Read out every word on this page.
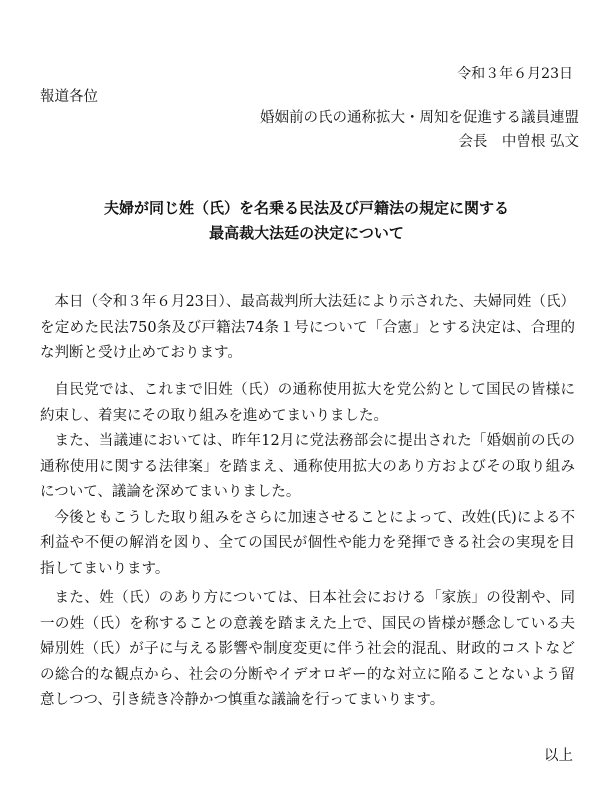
令和３年６月23日
報道各位
婚姻前の氏の通称拡大・周知を促進する議員連盟
会長　中曽根 弘文
夫婦が同じ姓（氏）を名乗る民法及び戸籍法の規定に関する
最高裁大法廷の決定について

本日（令和３年６月23日）、最高裁判所大法廷により示された、夫婦同姓（氏）を定めた民法750条及び戸籍法74条１号について「合憲」とする決定は、合理的な判断と受け止めております。

自民党では、これまで旧姓（氏）の通称使用拡大を党公約として国民の皆様に約束し、着実にその取り組みを進めてまいりました。

また、当議連においては、昨年12月に党法務部会に提出された「婚姻前の氏の通称使用に関する法律案」を踏まえ、通称使用拡大のあり方およびその取り組みについて、議論を深めてまいりました。

今後ともこうした取り組みをさらに加速させることによって、改姓(氏)による不利益や不便の解消を図り、全ての国民が個性や能力を発揮できる社会の実現を目指してまいります。

また、姓（氏）のあり方については、日本社会における「家族」の役割や、同一の姓（氏）を称することの意義を踏まえた上で、国民の皆様が懸念している夫婦別姓（氏）が子に与える影響や制度変更に伴う社会的混乱、財政的コストなどの総合的な観点から、社会の分断やイデオロギー的な対立に陥ることないよう留意しつつ、引き続き冷静かつ慎重な議論を行ってまいります。

以上
